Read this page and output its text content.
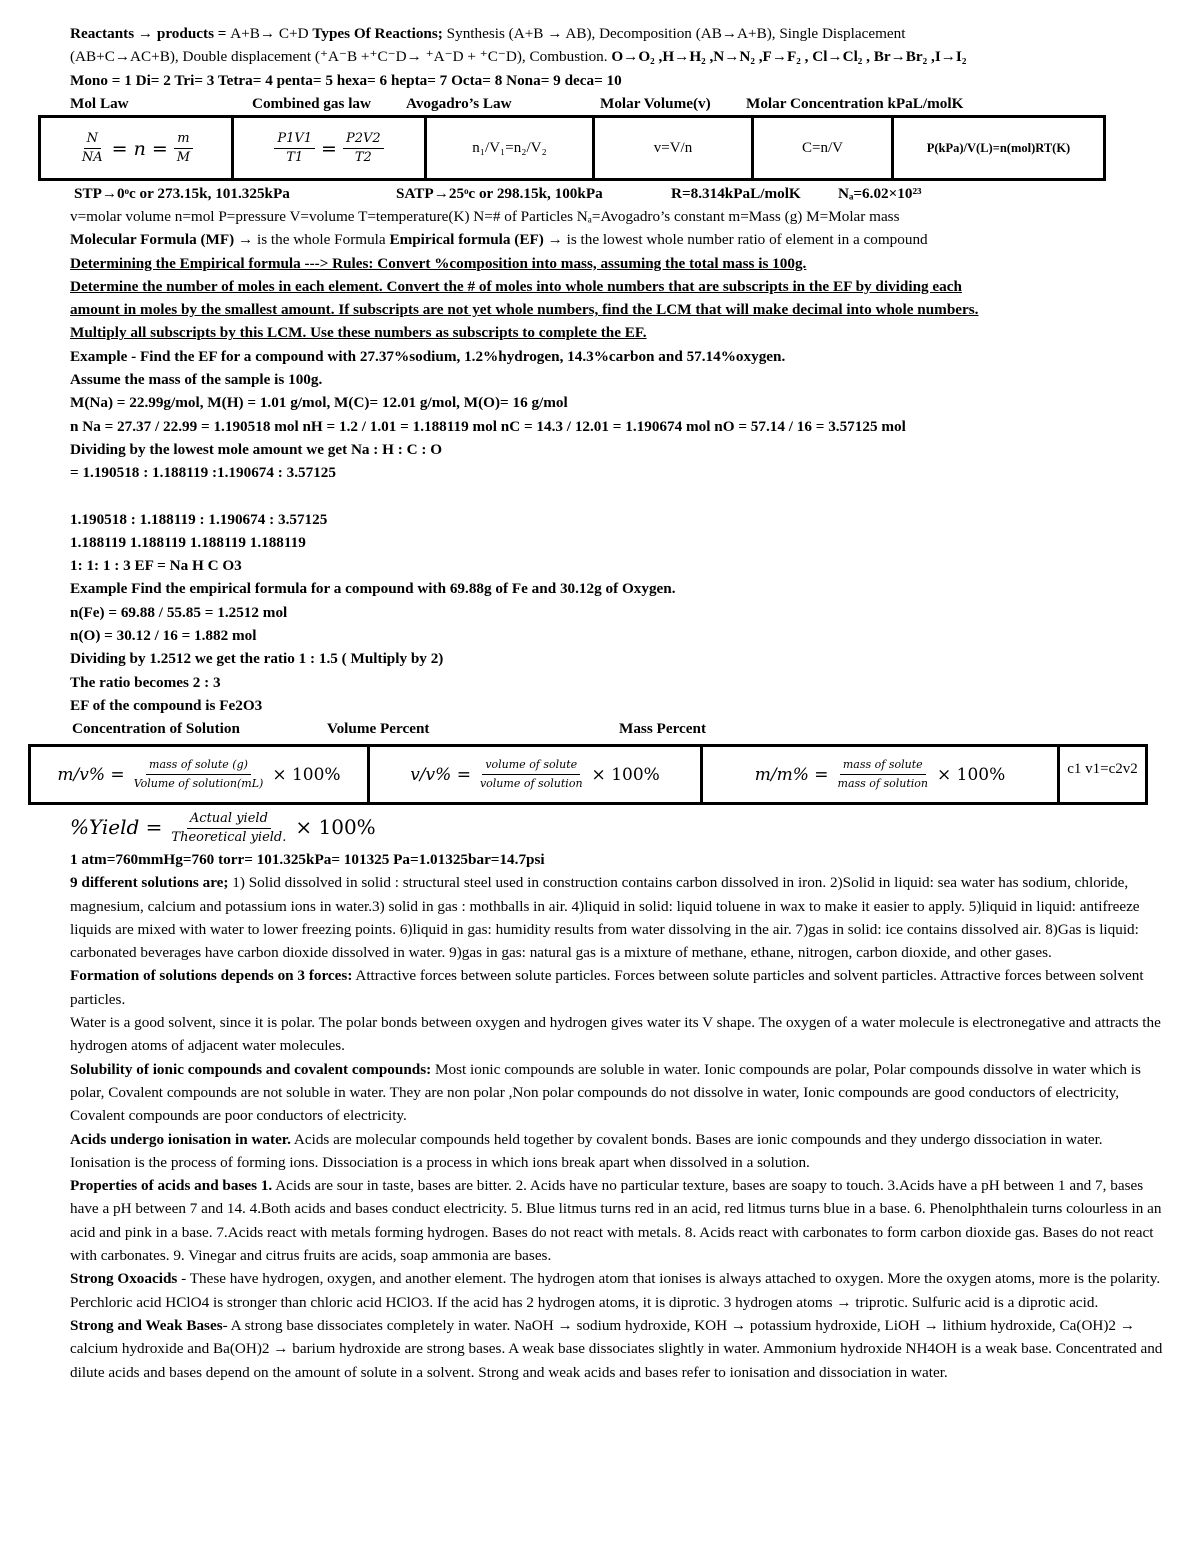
Reactants → products = A+B→ C+D Types Of Reactions; Synthesis (A+B → AB), Decomposition (AB→A+B), Single Displacement
(AB+C→AC+B), Double displacement (⁺A⁻B +⁺C⁻D→ ⁺A⁻D + ⁺C⁻D), Combustion. O→O₂ ,H→H₂ ,N→N₂ ,F→F₂ , Cl→Cl₂ , Br→Br₂ ,I→I₂
Mono = 1 Di= 2 Tri= 3 Tetra= 4 penta= 5 hexa= 6 hepta= 7 Octa= 8 Nona= 9 deca= 10
Mol Law	Combined gas law Avogadro’s Law	Molar Volume(v) Molar Concentration kPaL/molK
$\frac{N}{NA} = n = \frac{m}{M}$	$\frac{P1V1}{T1} = \frac{P2V2}{T2}$	n₁/V₁=n₂/V₂	v=V/n	C=n/V	P(kPa)/V(L)=n(mol)RT(K)
STP→0ᵒc or 273.15k, 101.325kPa	SATP→25ᵒc or 298.15k, 100kPa	R=8.314kPaL/molK Nₐ=6.02×10²³
v=molar volume n=mol P=pressure V=volume T=temperature(K) N=# of Particles Nₐ=Avogadro’s constant m=Mass (g) M=Molar mass
Molecular Formula (MF) → is the whole Formula Empirical formula (EF) → is the lowest whole number ratio of element in a compound
Determining the Empirical formula ---> Rules: Convert %composition into mass, assuming the total mass is 100g.
Determine the number of moles in each element. Convert the # of moles into whole numbers that are subscripts in the EF by dividing each
amount in moles by the smallest amount. If subscripts are not yet whole numbers, find the LCM that will make decimal into whole numbers.
Multiply all subscripts by this LCM. Use these numbers as subscripts to complete the EF.
Example - Find the EF for a compound with 27.37%sodium, 1.2%hydrogen, 14.3%carbon and 57.14%oxygen.
Assume the mass of the sample is 100g.
M(Na) = 22.99g/mol, M(H) = 1.01 g/mol, M(C)= 12.01 g/mol, M(O)= 16 g/mol
n Na = 27.37 / 22.99 = 1.190518 mol nH = 1.2 / 1.01 = 1.188119 mol nC = 14.3 / 12.01 = 1.190674 mol nO = 57.14 / 16 = 3.57125 mol
Dividing by the lowest mole amount we get Na : H : C : O
= 1.190518 : 1.188119 :1.190674 : 3.57125
1.190518 : 1.188119 : 1.190674 : 3.57125
1.188119 1.188119 1.188119 1.188119
1: 1: 1 : 3 EF = Na H C O3
Example Find the empirical formula for a compound with 69.88g of Fe and 30.12g of Oxygen.
n(Fe) = 69.88 / 55.85 = 1.2512 mol
n(O) = 30.12 / 16 = 1.882 mol
Dividing by 1.2512 we get the ratio 1 : 1.5 ( Multiply by 2)
The ratio becomes 2 : 3
EF of the compound is Fe2O3
Concentration of Solution	Volume Percent	Mass Percent
$m/v\% = \frac{\text{mass of solute (g)}}{\text{Volume of solution(mL)}} \times 100\%$	$v/v\% = \frac{\text{volume of solute}}{\text{volume of solution}} \times 100\%$	$m/m\% = \frac{\text{mass of solute}}{\text{mass of solution}} \times 100\%$	c1 v1=c2v2
%Yield = $\frac{\text{Actual yield}}{\text{Theoretical yield.}} \times 100\%$
1 atm=760mmHg=760 torr= 101.325kPa= 101325 Pa=1.01325bar=14.7psi
9 different solutions are; 1) Solid dissolved in solid : structural steel used in construction contains carbon dissolved in iron. 2)Solid in liquid: sea water has sodium, chloride, magnesium, calcium and potassium ions in water.3) solid in gas : mothballs in air. 4)liquid in solid: liquid toluene in wax to make it easier to apply. 5)liquid in liquid: antifreeze liquids are mixed with water to lower freezing points. 6)liquid in gas: humidity results from water dissolving in the air. 7)gas in solid: ice contains dissolved air. 8)Gas is liquid: carbonated beverages have carbon dioxide dissolved in water. 9)gas in gas: natural gas is a mixture of methane, ethane, nitrogen, carbon dioxide, and other gases.
Formation of solutions depends on 3 forces: Attractive forces between solute particles. Forces between solute particles and solvent particles. Attractive forces between solvent particles.
Water is a good solvent, since it is polar. The polar bonds between oxygen and hydrogen gives water its V shape. The oxygen of a water molecule is electronegative and attracts the hydrogen atoms of adjacent water molecules.
Solubility of ionic compounds and covalent compounds: Most ionic compounds are soluble in water. Ionic compounds are polar, Polar compounds dissolve in water which is polar, Covalent compounds are not soluble in water. They are non polar ,Non polar compounds do not dissolve in water, Ionic compounds are good conductors of electricity, Covalent compounds are poor conductors of electricity.
Acids undergo ionisation in water. Acids are molecular compounds held together by covalent bonds. Bases are ionic compounds and they undergo dissociation in water. Ionisation is the process of forming ions. Dissociation is a process in which ions break apart when dissolved in a solution.
Properties of acids and bases 1. Acids are sour in taste, bases are bitter. 2. Acids have no particular texture, bases are soapy to touch. 3.Acids have a pH between 1 and 7, bases have a pH between 7 and 14. 4.Both acids and bases conduct electricity. 5. Blue litmus turns red in an acid, red litmus turns blue in a base. 6. Phenolphthalein turns colourless in an acid and pink in a base. 7.Acids react with metals forming hydrogen. Bases do not react with metals. 8. Acids react with carbonates to form carbon dioxide gas. Bases do not react with carbonates. 9. Vinegar and citrus fruits are acids, soap ammonia are bases.
Strong Oxoacids - These have hydrogen, oxygen, and another element. The hydrogen atom that ionises is always attached to oxygen. More the oxygen atoms, more is the polarity. Perchloric acid HClO4 is stronger than chloric acid HClO3. If the acid has 2 hydrogen atoms, it is diprotic. 3 hydrogen atoms → triprotic. Sulfuric acid is a diprotic acid.
Strong and Weak Bases- A strong base dissociates completely in water. NaOH → sodium hydroxide, KOH → potassium hydroxide, LiOH → lithium hydroxide, Ca(OH)2 → calcium hydroxide and Ba(OH)2 → barium hydroxide are strong bases. A weak base dissociates slightly in water. Ammonium hydroxide NH4OH is a weak base. Concentrated and dilute acids and bases depend on the amount of solute in a solvent. Strong and weak acids and bases refer to ionisation and dissociation in water.
